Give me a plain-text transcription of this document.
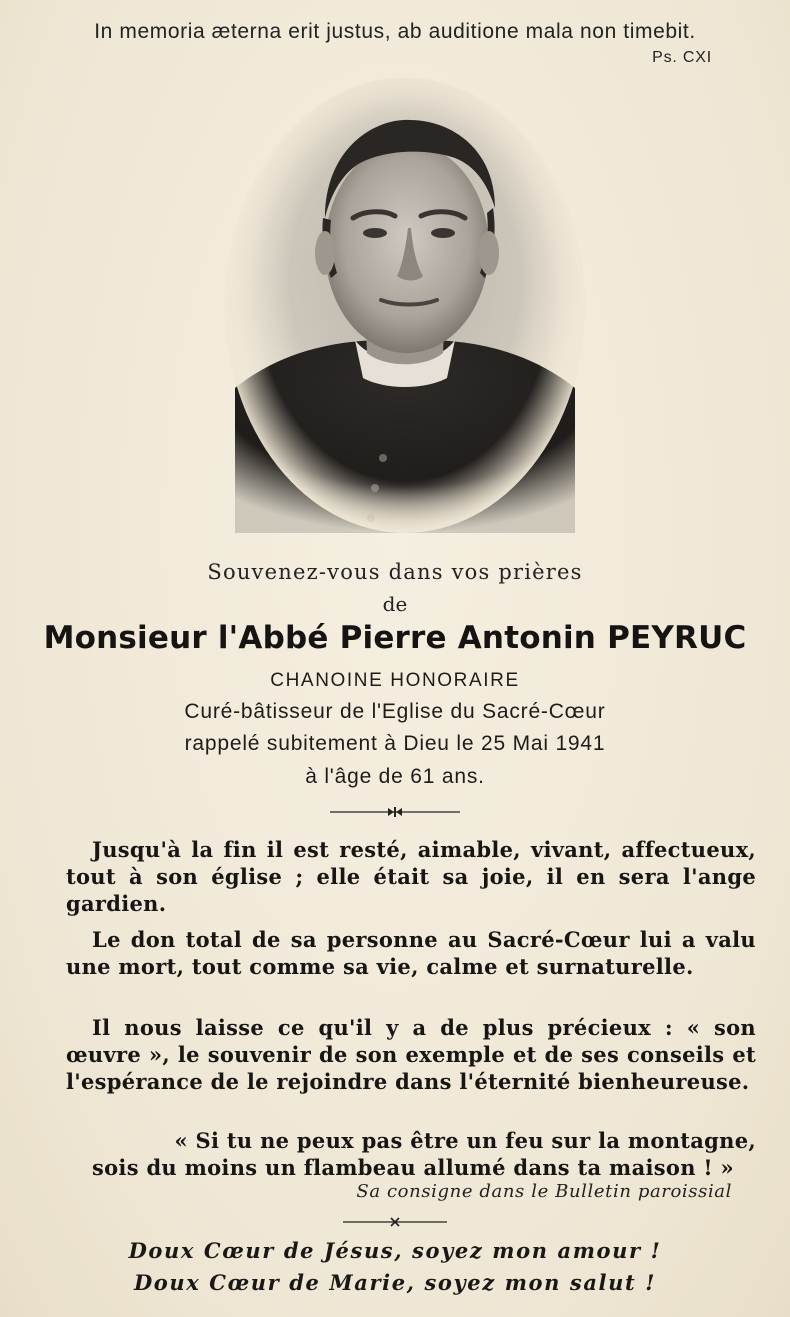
In memoria æterna erit justus, ab auditione mala non timebit.
Ps. CXI
Souvenez-vous dans vos prières
de
Monsieur l'Abbé Pierre Antonin PEYRUC
CHANOINE HONORAIRE
Curé-bâtisseur de l'Eglise du Sacré-Cœur
rappelé subitement à Dieu le 25 Mai 1941
à l'âge de 61 ans.

Jusqu'à la fin il est resté, aimable, vivant, affectueux, tout à son église ; elle était sa joie, il en sera l'ange gardien.

Le don total de sa personne au Sacré-Cœur lui a valu une mort, tout comme sa vie, calme et surnaturelle.

Il nous laisse ce qu'il y a de plus précieux : « son œuvre », le souvenir de son exemple et de ses conseils et l'espérance de le rejoindre dans l'éternité bienheureuse.

« Si tu ne peux pas être un feu sur la montagne,
sois du moins un flambeau allumé dans ta maison ! »
Sa consigne dans le Bulletin paroissial
Doux Cœur de Jésus, soyez mon amour !
Doux Cœur de Marie, soyez mon salut !
